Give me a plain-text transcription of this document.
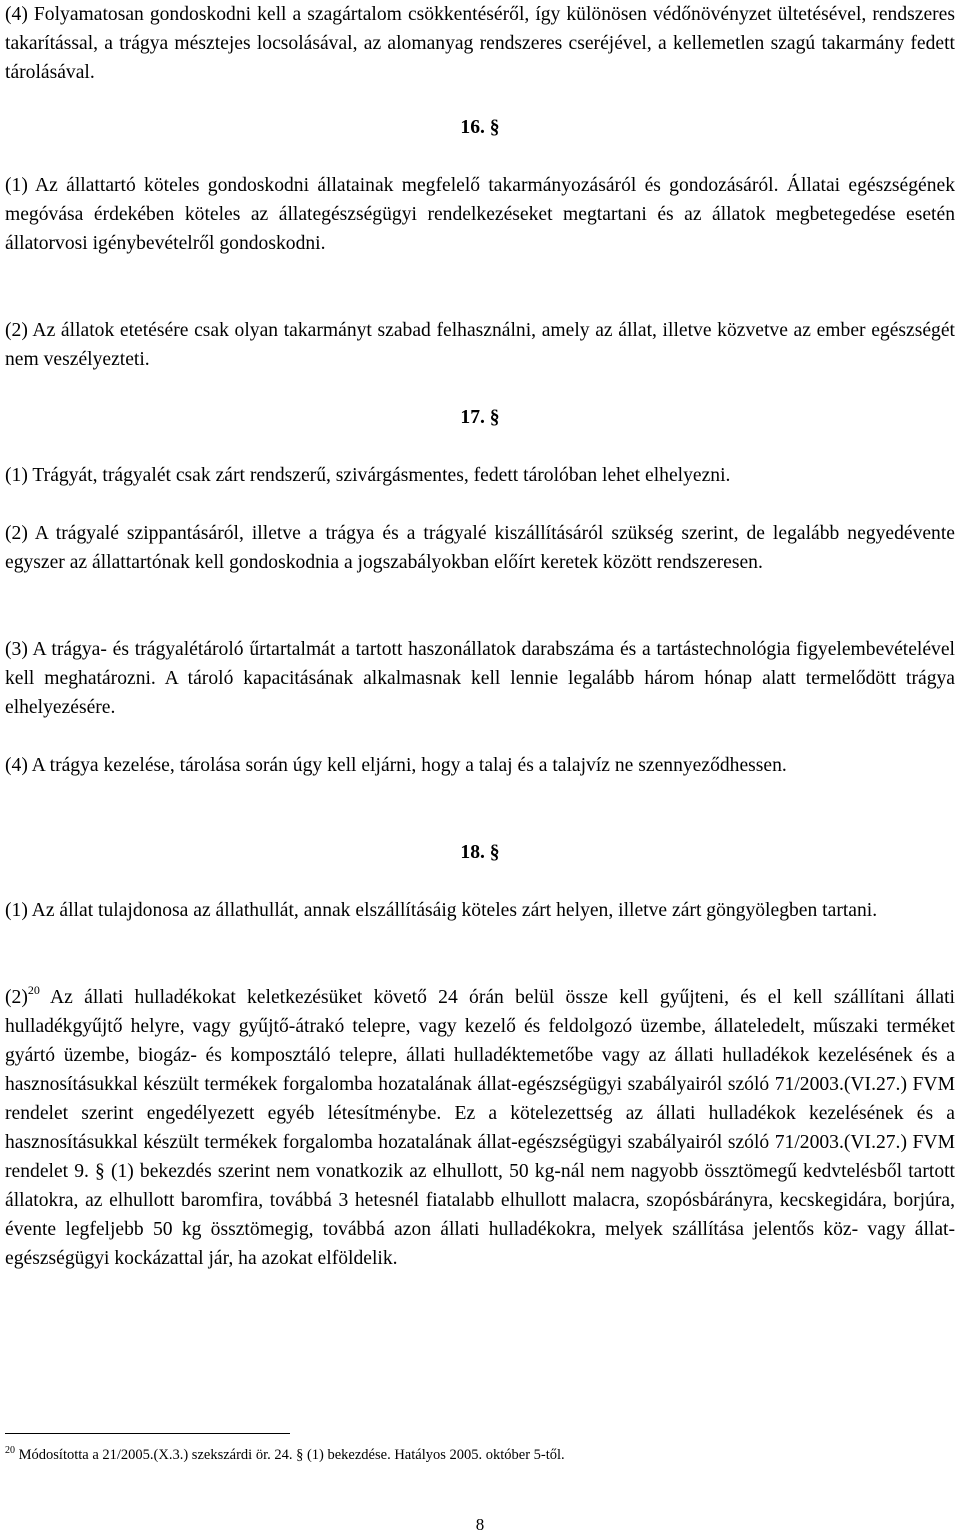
(4) Folyamatosan gondoskodni kell a szagártalom csökkentéséről, így különösen védőnövényzet ültetésével, rendszeres takarítással, a trágya mésztejes locsolásával, az alomanyag rendszeres cseréjével, a kellemetlen szagú takarmány fedett tárolásával.

16. §

(1) Az állattartó köteles gondoskodni állatainak megfelelő takarmányozásáról és gondozásáról. Állatai egészségének megóvása érdekében köteles az állategészségügyi rendelkezéseket megtartani és az állatok megbetegedése esetén állatorvosi igénybevételről gondoskodni.

(2) Az állatok etetésére csak olyan takarmányt szabad felhasználni, amely az állat, illetve közvetve az ember egészségét nem veszélyezteti.

17. §

(1) Trágyát, trágyalét csak zárt rendszerű, szivárgásmentes, fedett tárolóban lehet elhelyezni.

(2) A trágyalé szippantásáról, illetve a trágya és a trágyalé kiszállításáról szükség szerint, de legalább negyedévente egyszer az állattartónak kell gondoskodnia a jogszabályokban előírt keretek között rendszeresen.

(3) A trágya- és trágyalétároló űrtartalmát a tartott haszonállatok darabszáma és a tartástechnológia figyelembevételével kell meghatározni. A tároló kapacitásának alkalmasnak kell lennie legalább három hónap alatt termelődött trágya elhelyezésére.

(4) A trágya kezelése, tárolása során úgy kell eljárni, hogy a talaj és a talajvíz ne szennyeződhessen.

18. §

(1) Az állat tulajdonosa az állathullát, annak elszállításáig köteles zárt helyen, illetve zárt göngyölegben tartani.

$(2)^{20}$ Az állati hulladékokat keletkezésüket követő 24 órán belül össze kell gyűjteni, és el kell szállítani állati hulladékgyűjtő helyre, vagy gyűjtő-átrakó telepre, vagy kezelő és feldolgozó üzembe, állateledelt, műszaki terméket gyártó üzembe, biogáz- és komposztáló telepre, állati hulladéktemetőbe vagy az állati hulladékok kezelésének és a hasznosításukkal készült termékek forgalomba hozatalának állat-egészségügyi szabályairól szóló 71/2003.(VI.27.) FVM rendelet szerint engedélyezett egyéb létesítménybe. Ez a kötelezettség az állati hulladékok kezelésének és a hasznosításukkal készült termékek forgalomba hozatalának állat-egészségügyi szabályairól szóló 71/2003.(VI.27.) FVM rendelet 9. § (1) bekezdés szerint nem vonatkozik az elhullott, 50 kg-nál nem nagyobb össztömegű kedvtelésből tartott állatokra, az elhullott baromfira, továbbá 3 hetesnél fiatalabb elhullott malacra, szopósbárányra, kecskegidára, borjúra, évente legfeljebb 50 kg össztömegig, továbbá azon állati hulladékokra, melyek szállítása jelentős köz- vagy állat-egészségügyi kockázattal jár, ha azokat elföldelik.

$^{20}$ Módosította a 21/2005.(X.3.) szekszárdi ör. 24. § (1) bekezdése. Hatályos 2005. október 5-től.
8
